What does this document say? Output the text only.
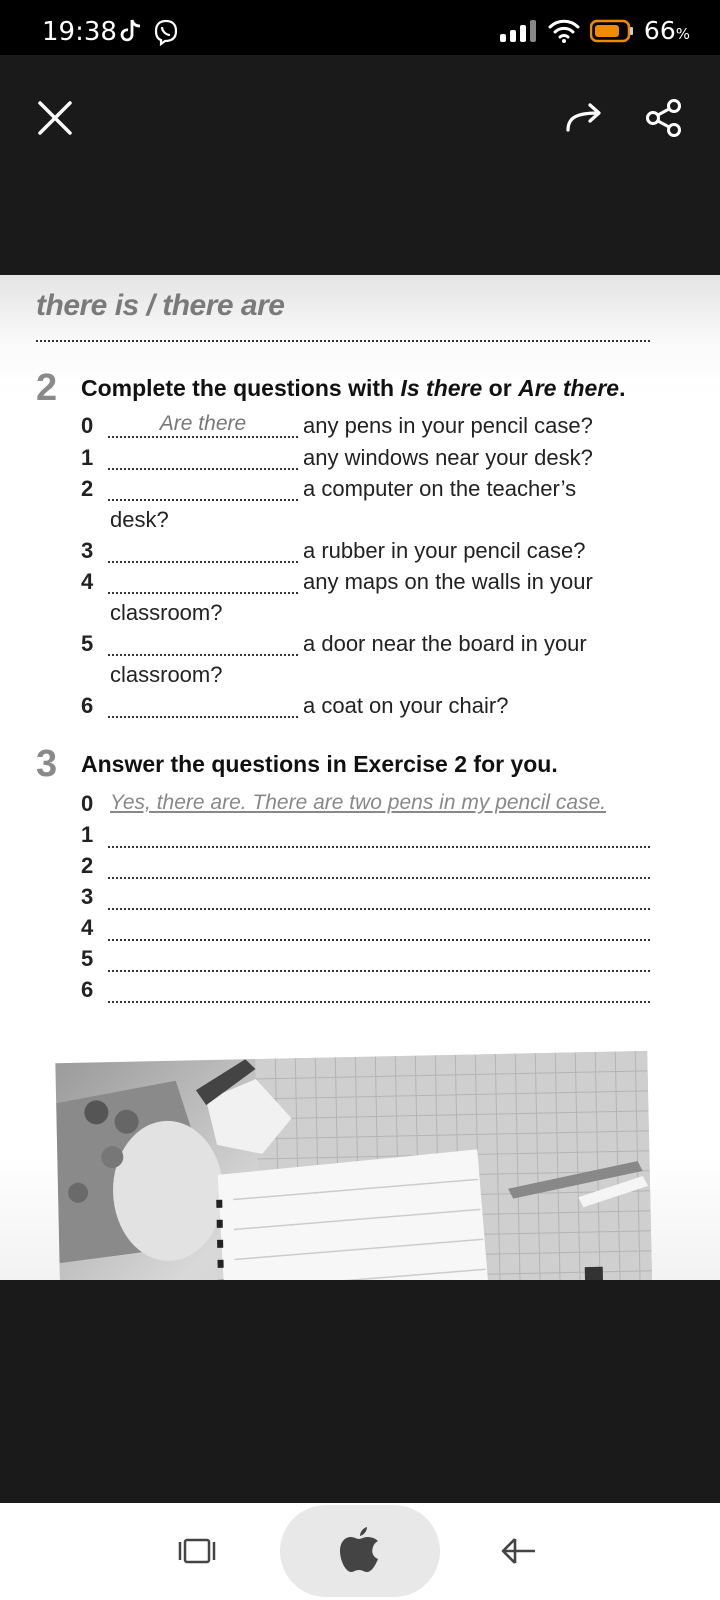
19:38	66%
there is / there are
2 Complete the questions with Is there or Are there.
0	Are there	any pens in your pencil case?
1	any windows near your desk?
2	a computer on the teacher’s
desk?
3	a rubber in your pencil case?
4	any maps on the walls in your
classroom?
5	a door near the board in your
classroom?
6	a coat on your chair?
3 Answer the questions in Exercise 2 for you.
0 Yes, there are. There are two pens in my pencil case.
1
2
3
4
5
6
